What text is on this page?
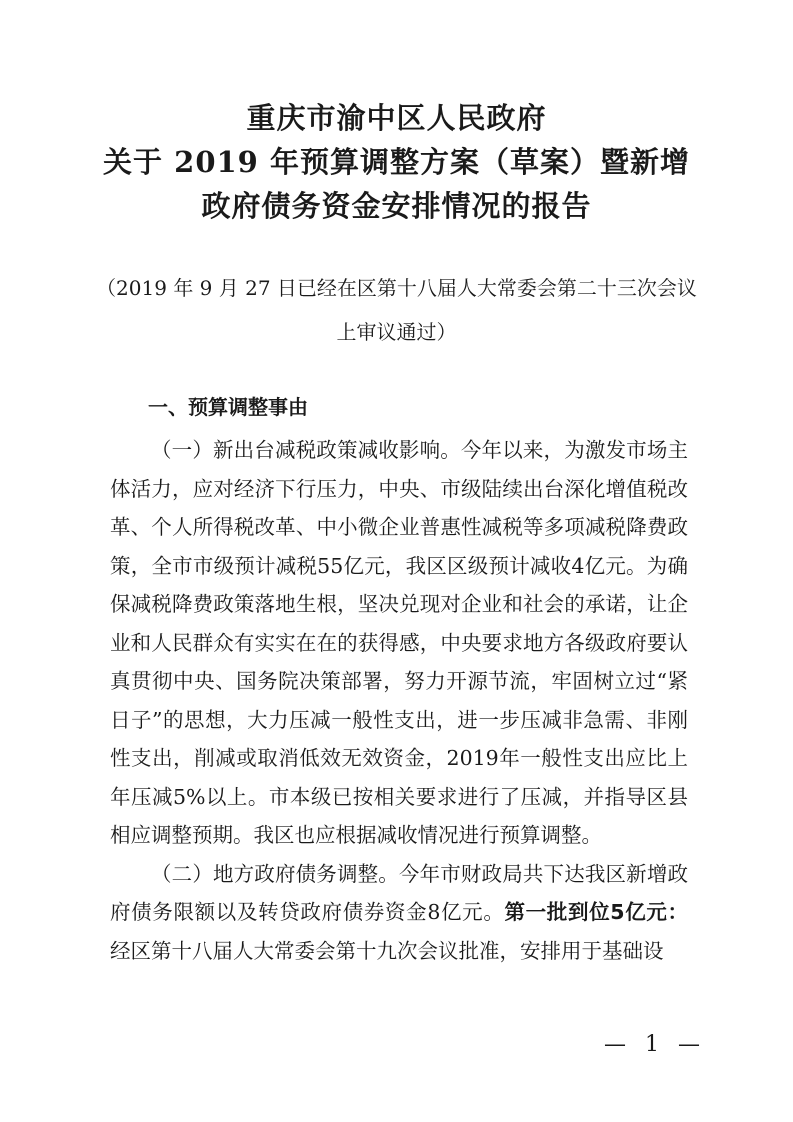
重庆市渝中区人民政府
关于 2019 年预算调整方案（草案）暨新增
政府债务资金安排情况的报告
（2019 年 9 月 27 日已经在区第十八届人大常委会第二十三次会议
上审议通过）
一、预算调整事由

（一）新出台减税政策减收影响。今年以来，为激发市场主体活力，应对经济下行压力，中央、市级陆续出台深化增值税改革、个人所得税改革、中小微企业普惠性减税等多项减税降费政策，全市市级预计减税55亿元，我区区级预计减收4亿元。为确保减税降费政策落地生根，坚决兑现对企业和社会的承诺，让企业和人民群众有实实在在的获得感，中央要求地方各级政府要认真贯彻中央、国务院决策部署，努力开源节流，牢固树立过“紧日子”的思想，大力压减一般性支出，进一步压减非急需、非刚性支出，削减或取消低效无效资金，2019年一般性支出应比上年压减5%以上。市本级已按相关要求进行了压减，并指导区县相应调整预期。我区也应根据减收情况进行预算调整。

（二）地方政府债务调整。今年市财政局共下达我区新增政府债务限额以及转贷政府债券资金8亿元。第一批到位5亿元：经区第十八届人大常委会第十九次会议批准，安排用于基础设

— 1 —
